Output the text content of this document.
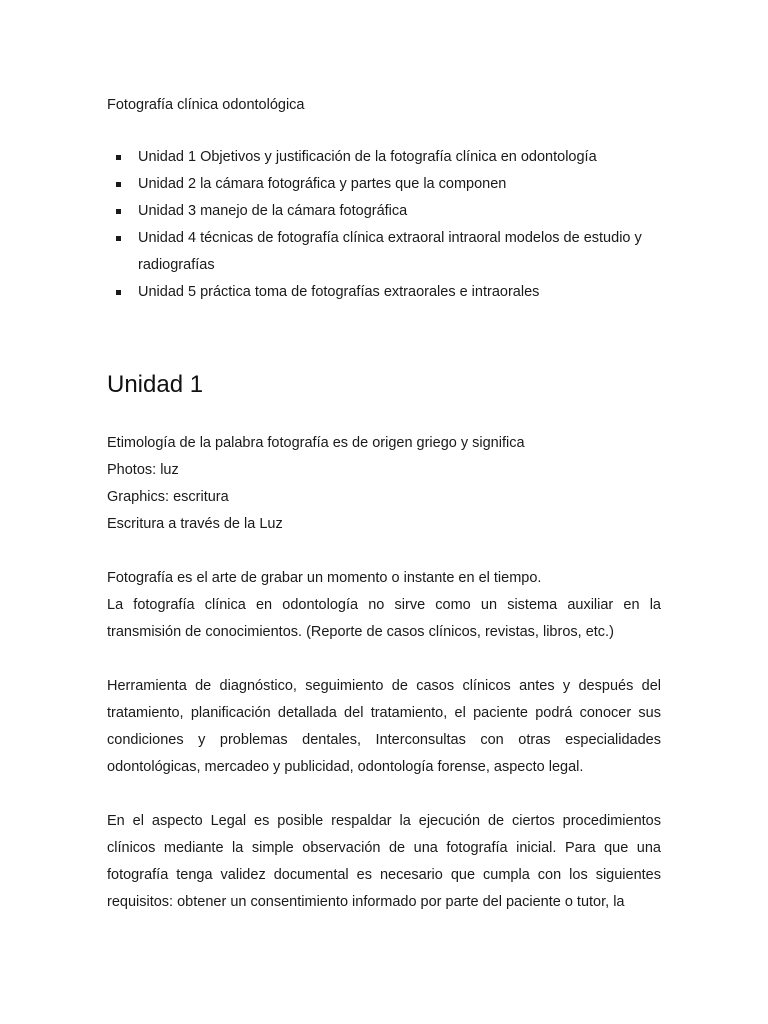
Fotografía clínica odontológica

Unidad 1 Objetivos y justificación de la fotografía clínica en odontología
Unidad 2 la cámara fotográfica y partes que la componen
Unidad 3 manejo de la cámara fotográfica
Unidad 4 técnicas de fotografía clínica extraoral intraoral modelos de estudio y radiografías
Unidad 5 práctica toma de fotografías extraorales e intraorales
Unidad 1
Etimología de la palabra fotografía es de origen griego y significa
Photos: luz
Graphics: escritura
Escritura a través de la Luz
Fotografía es el arte de grabar un momento o instante en el tiempo.
La fotografía clínica en odontología no sirve como un sistema auxiliar en la transmisión de conocimientos. (Reporte de casos clínicos, revistas, libros, etc.)
Herramienta de diagnóstico, seguimiento de casos clínicos antes y después del tratamiento, planificación detallada del tratamiento, el paciente podrá conocer sus condiciones y problemas dentales, Interconsultas con otras especialidades odontológicas, mercadeo y publicidad, odontología forense, aspecto legal.
En el aspecto Legal es posible respaldar la ejecución de ciertos procedimientos clínicos mediante la simple observación de una fotografía inicial. Para que una fotografía tenga validez documental es necesario que cumpla con los siguientes requisitos: obtener un consentimiento informado por parte del paciente o tutor, la
